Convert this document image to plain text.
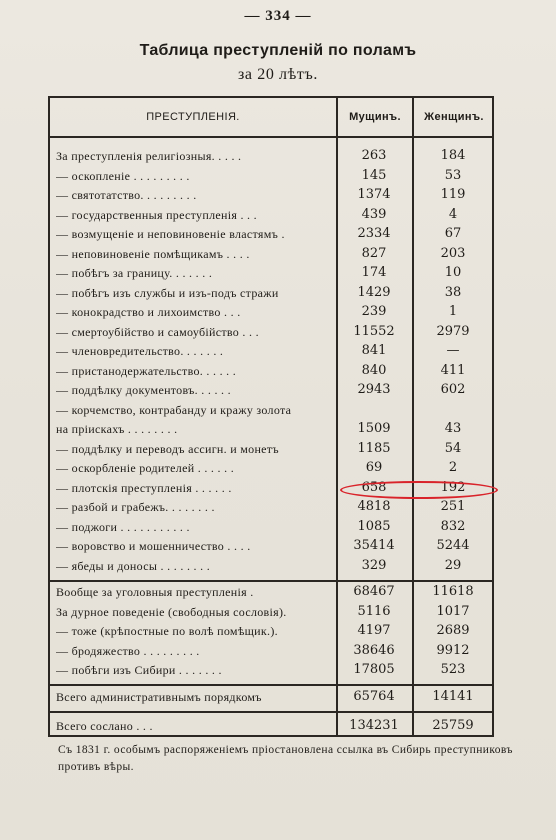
— 334 —
Таблица преступленій по поламъ
за 20 лѣтъ.
ПРЕСТУПЛЕНІЯ.	Мущинъ.	Женщинъ.
За преступленія религіозныя. . . . .	263	184
— оскопленіе . . . . . . . . .	145	53
— святотатство. . . . . . . . .	1374	119
— государственныя преступленія . . .	439	4
— возмущеніе и неповиновеніе властямъ .	2334	67
— неповиновеніе помѣщикамъ . . . .	827	203
— побѣгъ за границу. . . . . . .	174	10
— побѣгъ изъ службы и изъ-подъ стражи	1429	38
— конокрадство и лихоимство . . .	239	1
— смертоубійство и самоубійство . . .	11552	2979
— членовредительство. . . . . . .	841	—
— пристанодержательство. . . . . .	840	411
— поддѣлку документовъ. . . . . .	2943	602
— корчемство, контрабанду и кражу золота
на пріискахъ . . . . . . . .	1509	43
— поддѣлку и переводъ ассигн. и монетъ	1185	54
— оскорбленіе родителей . . . . . .	69	2
— плотскія преступленія . . . . . .	658	192
— разбой и грабежъ. . . . . . . .	4818	251
— поджоги . . . . . . . . . . .	1085	832
— воровство и мошенничество . . . .	35414	5244
— ябеды и доносы . . . . . . . .	329	29
Вообще за уголовныя преступленія .	68467	11618
За дурное поведеніе (свободныя сословія).	5116	1017
— тоже (крѣпостные по волѣ помѣщик.).	4197	2689
— бродяжество . . . . . . . . .	38646	9912
— побѣги изъ Сибири . . . . . . .	17805	523
Всего административнымъ порядкомъ	65764	14141
Всего сослано . . .	134231	25759
Съ 1831 г. особымъ распоряженіемъ пріостановлена ссылка въ Сибирь преступниковъ противъ вѣры.
